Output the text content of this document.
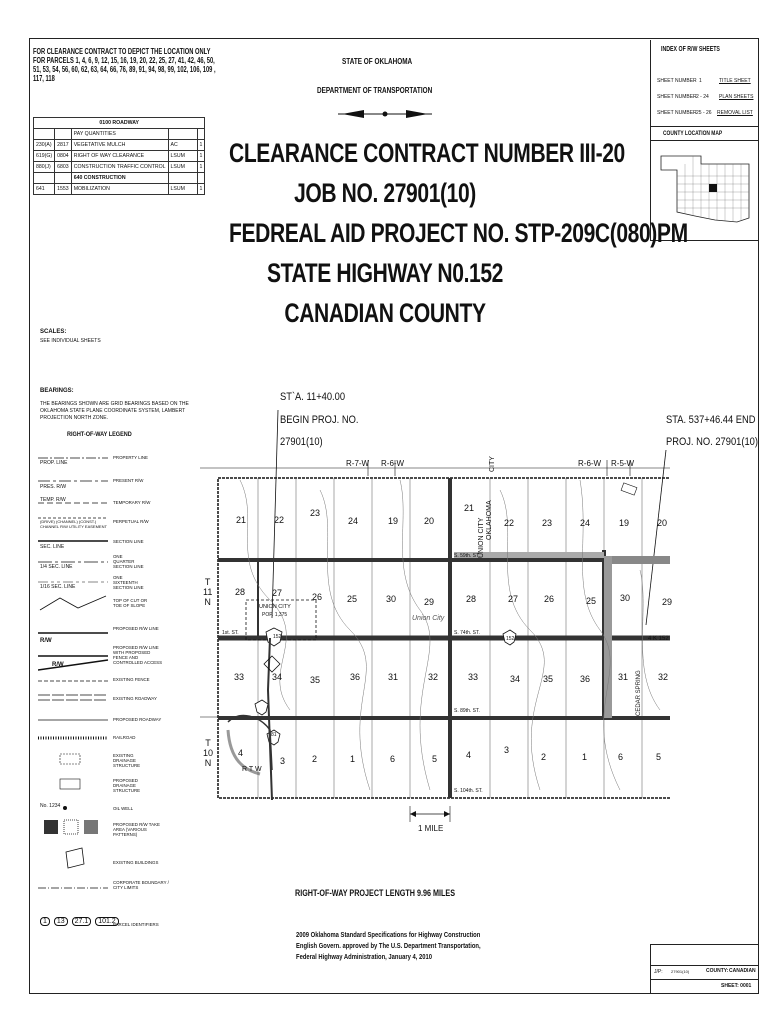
FOR CLEARANCE CONTRACT TO DEPICT THE LOCATION ONLY
FOR PARCELS 1, 4, 6, 9, 12, 15, 16, 19, 20, 22, 25, 27, 41, 42, 46, 50,
51, 53, 54, 56, 60, 62, 63, 64, 66, 76, 89, 91, 94, 98, 99, 102, 106, 109 ,
117, 118
STATE OF OKLAHOMA
DEPARTMENT OF TRANSPORTATION
INDEX OF R/W SHEETS
SHEET NUMBER 1	TITLE SHEET
SHEET NUMBER 2 - 24 PLAN SHEETS
SHEET NUMBER 25 - 26 REMOVAL LIST
COUNTY LOCATION MAP
0100 ROADWAY				
		PAY QUANTITIES		
230(A)	2817	VEGETATIVE MULCH	AC	1
619(G)	0804	RIGHT OF WAY CLEARANCE	LSUM	1
880(J)	6803	CONSTRUCTION TRAFFIC CONTROL	LSUM	1
		640 CONSTRUCTION		
641	1553	MOBILIZATION	LSUM	1
CLEARANCE CONTRACT NUMBER III-20
JOB NO. 27901(10)
FEDREAL AID PROJECT NO. STP-209C(080)PM
STATE HIGHWAY N0.152
CANADIAN COUNTY
SCALES:
SEE INDIVIDUAL SHEETS
BEARINGS:
THE BEARINGS SHOWN ARE GRID BEARINGS BASED ON THE
OKLAHOMA STATE PLANE COORDINATE SYSTEM, LAMBERT
PROJECTION NORTH ZONE.
RIGHT-OF-WAY LEGEND
PROP. LINE
PRES. R/W
TEMP. R/W
(DRIVE) (CHANNEL) (CONST.)
CHANNEL R/W UTILITY EASEMENT
SEC. LINE
1/4 SEC. LINE
1/16 SEC. LINE
R/W
R/W
No. 1234
PROPERTY LINE
PRESENT R/W
TEMPORARY R/W
PERPETUAL R/W
SECTION LINE
ONE QUARTER SECTION LINE
ONE SIXTEENTH SECTION LINE
TOP OF CUT OR TOE OF SLOPE
PROPOSED R/W LINE
PROPOSED R/W LINE WITH PROPOSED FENCE AND CONTROLLED ACCESS
EXISTING FENCE
EXISTING ROADWAY
PROPOSED ROADWAY
RAILROAD
EXISTING DRAINAGE STRUCTURE
PROPOSED DRAINAGE STRUCTURE
OIL WELL
PROPOSED R/W TAKE AREA (VARIOUS PATTERNS)
EXISTING BUILDINGS
CORPORATE BOUNDARY / CITY LIMITS
PARCEL IDENTIFIERS
1 13 27.1 101.2
ST`A. 11+40.00
BEGIN PROJ. NO.
27901(10)
STA. 537+46.44 END
PROJ. NO. 27901(10)
R-7-W R-6-W	R-6-W R-5-W
CITY
T
11
N
T
10
N
21	22
23
24	19	20
21
22	23	24	19	20
28	27	26	25	30	29	28	27	26	25	30	29
33	34	35	36	31	32	33	34	35	36	31	32
4
3	2	1	6	5	4	3
2	1	6	5
S. 59th. ST.
S. 74th. ST.
S. 89th. ST.
S. 104th. ST.
1st. ST.
4 K 152
UNION CITY
POP. 1,375	Union City
UNION CITY OKLAHOMA
152	152
81
CEDAR SPRING
R T W
1 MILE
RIGHT-OF-WAY PROJECT LENGTH 9.96 MILES
2009 Oklahoma Standard Specifications for Highway Construction
English Govern. approved by The U.S. Department Transportation,
Federal Highway Administration, January 4, 2010
J/P: 27901(10)	COUNTY: CANADIAN
SHEET: 0001
